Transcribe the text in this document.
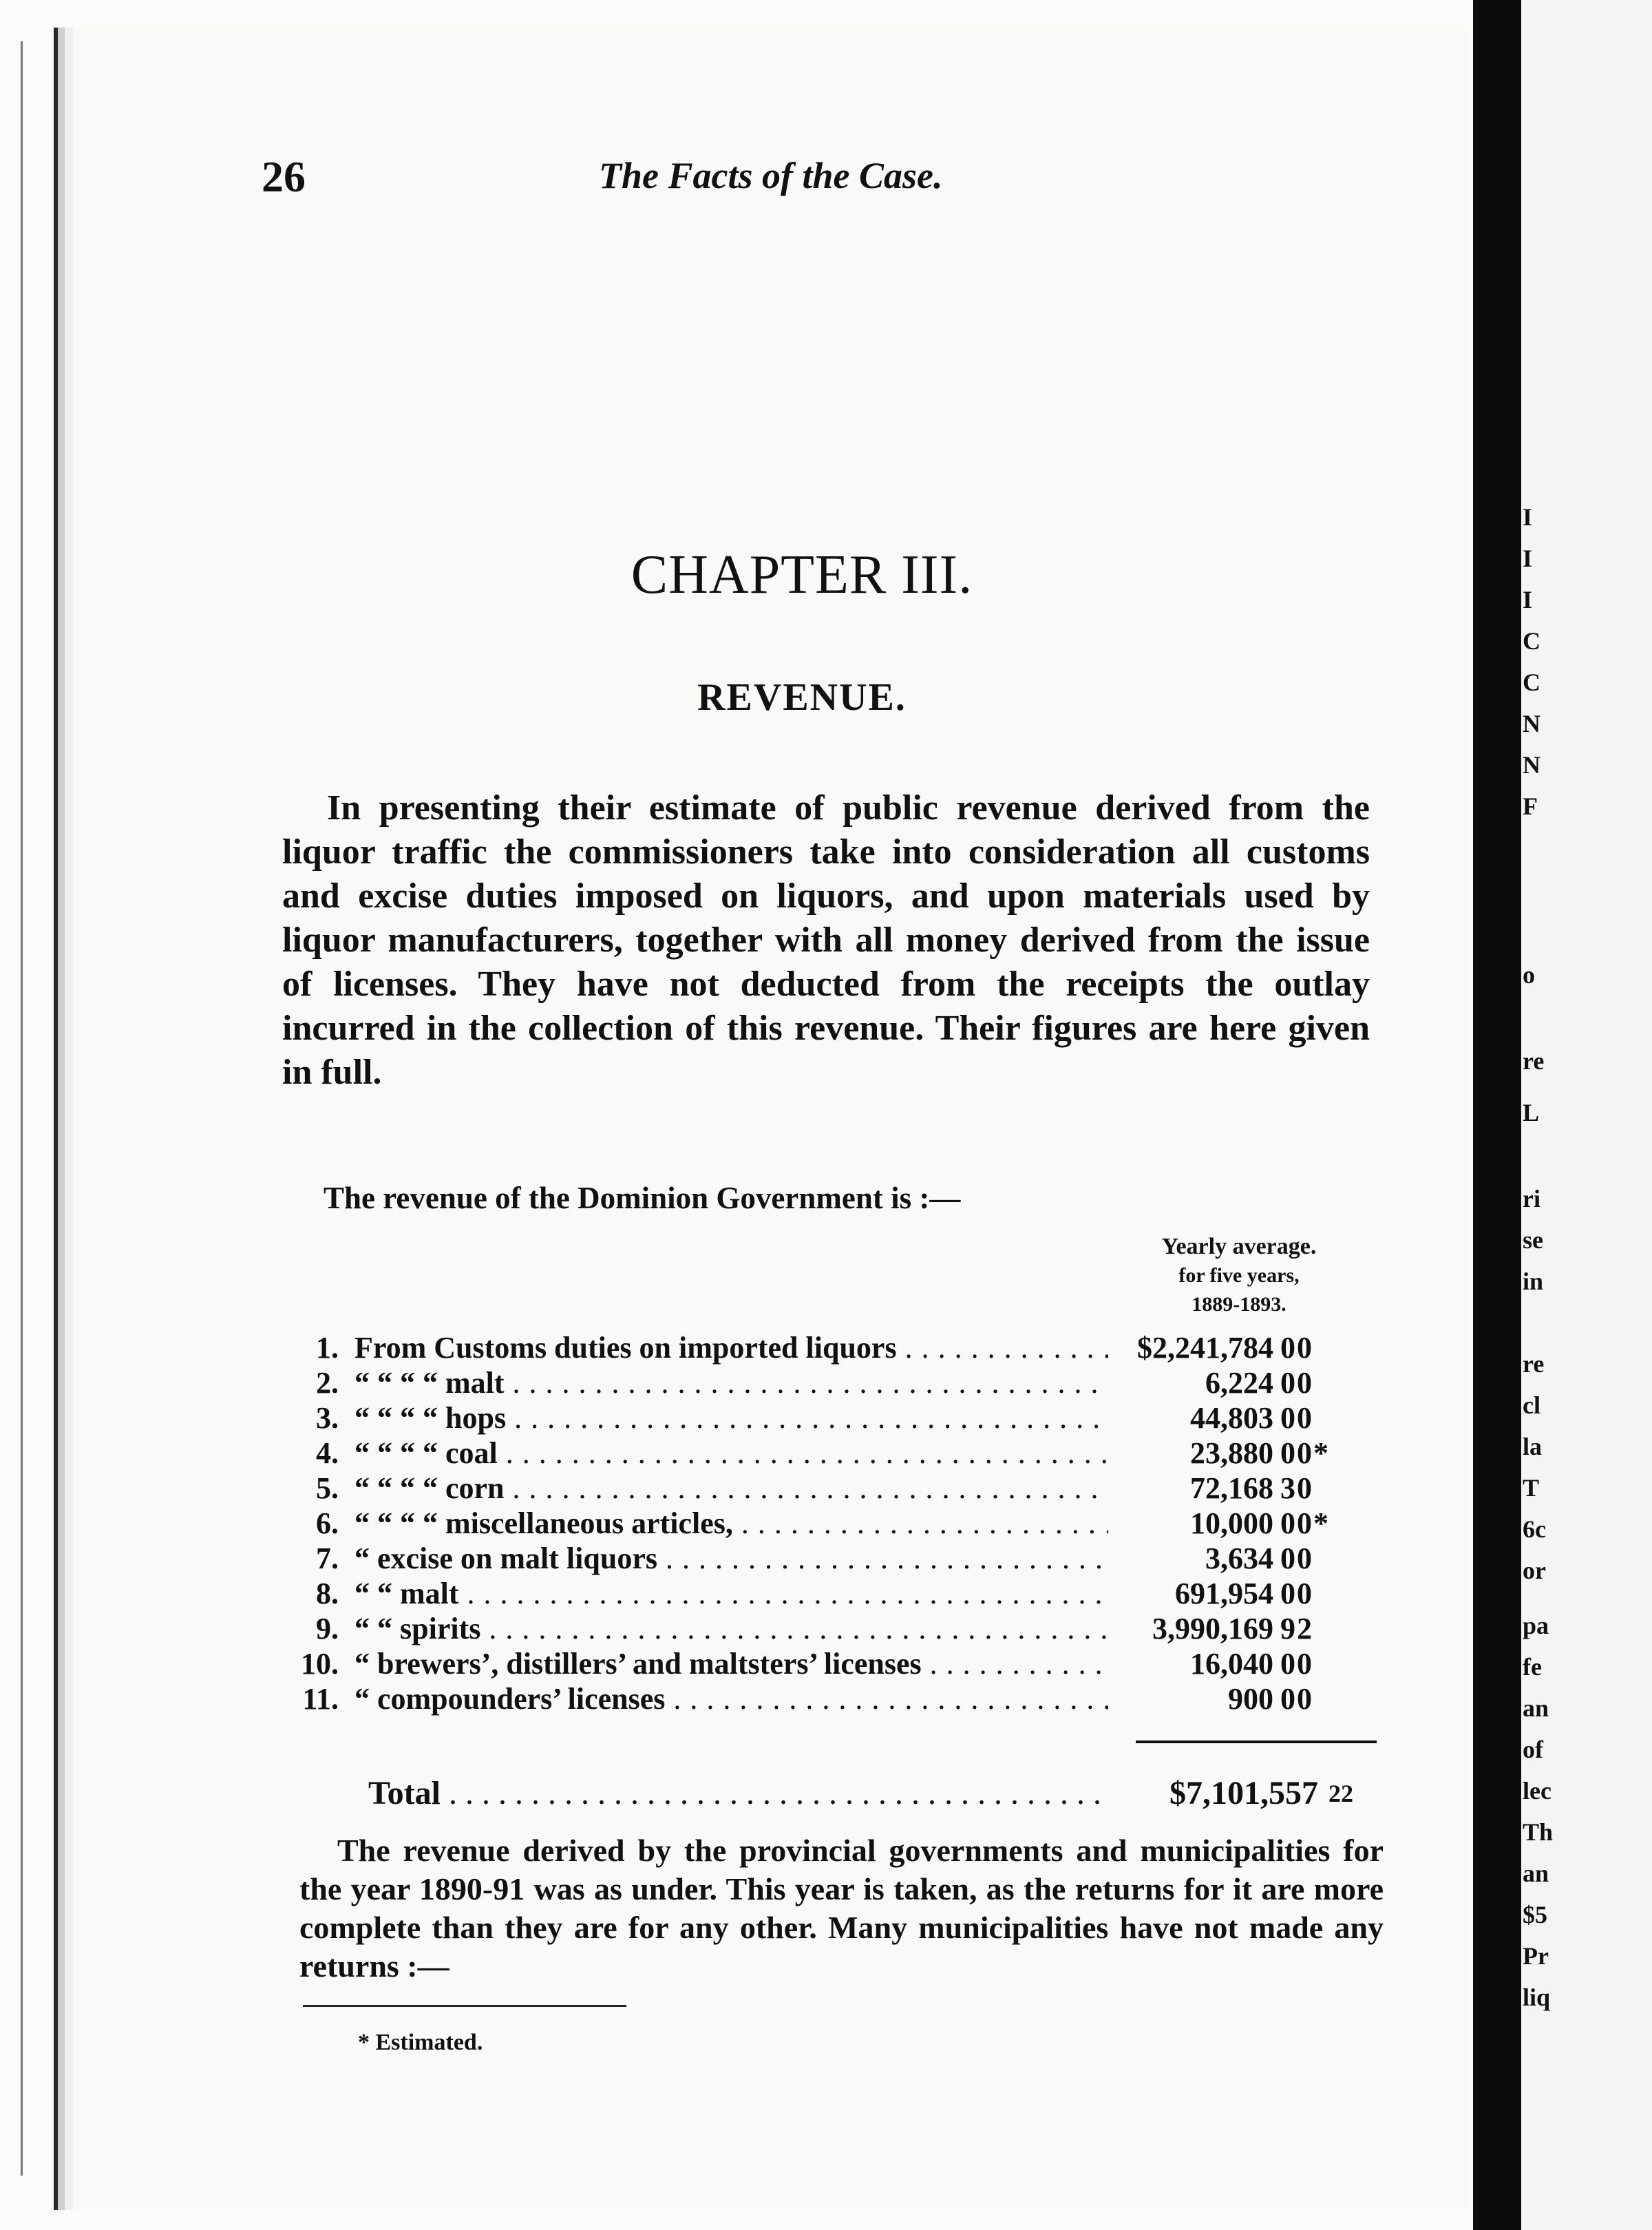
I
I
I
C
C
N
N
F
o
re
L
ri
se
in
re
cl
la
T
6c
or
pa
fe
an
of
lec
Th
an
$5
Pr
liq
26	The Facts of the Case.
CHAPTER III.
REVENUE.
In presenting their estimate of public revenue derived from the liquor traffic the commissioners take into consideration all customs and excise duties imposed on liquors, and upon materials used by liquor manufacturers, together with all money derived from the issue of licenses. They have not deducted from the receipts the outlay incurred in the collection of this revenue. Their figures are here given in full.
The revenue of the Dominion Government is :—
Yearly average.
for five years,
1889-1893.
1. From Customs duties on imported liquors . . .	$2,241,784 00
2. “ “ “ “ malt . . .	6,224 00
3. “ “ “ “ hops . . .	44,803 00
4. “ “ “ “ coal . . .	23,880 00*
5. “ “ “ “ corn . . .	72,168 30
6. “ “ “ “ miscellaneous articles, . . .	10,000 00*
7. “ excise on malt liquors . . .	3,634 00
8. “ “ malt . . .	691,954 00
9. “ “ spirits . . .	3,990,169 92
10. “ brewers’, distillers’ and maltsters’ licenses . . .	16,040 00
11. “ compounders’ licenses . . .	900 00
Total . . .	$7,101,557 22
The revenue derived by the provincial governments and municipalities for the year 1890-91 was as under. This year is taken, as the returns for it are more complete than they are for any other. Many municipalities have not made any returns :—
* Estimated.
